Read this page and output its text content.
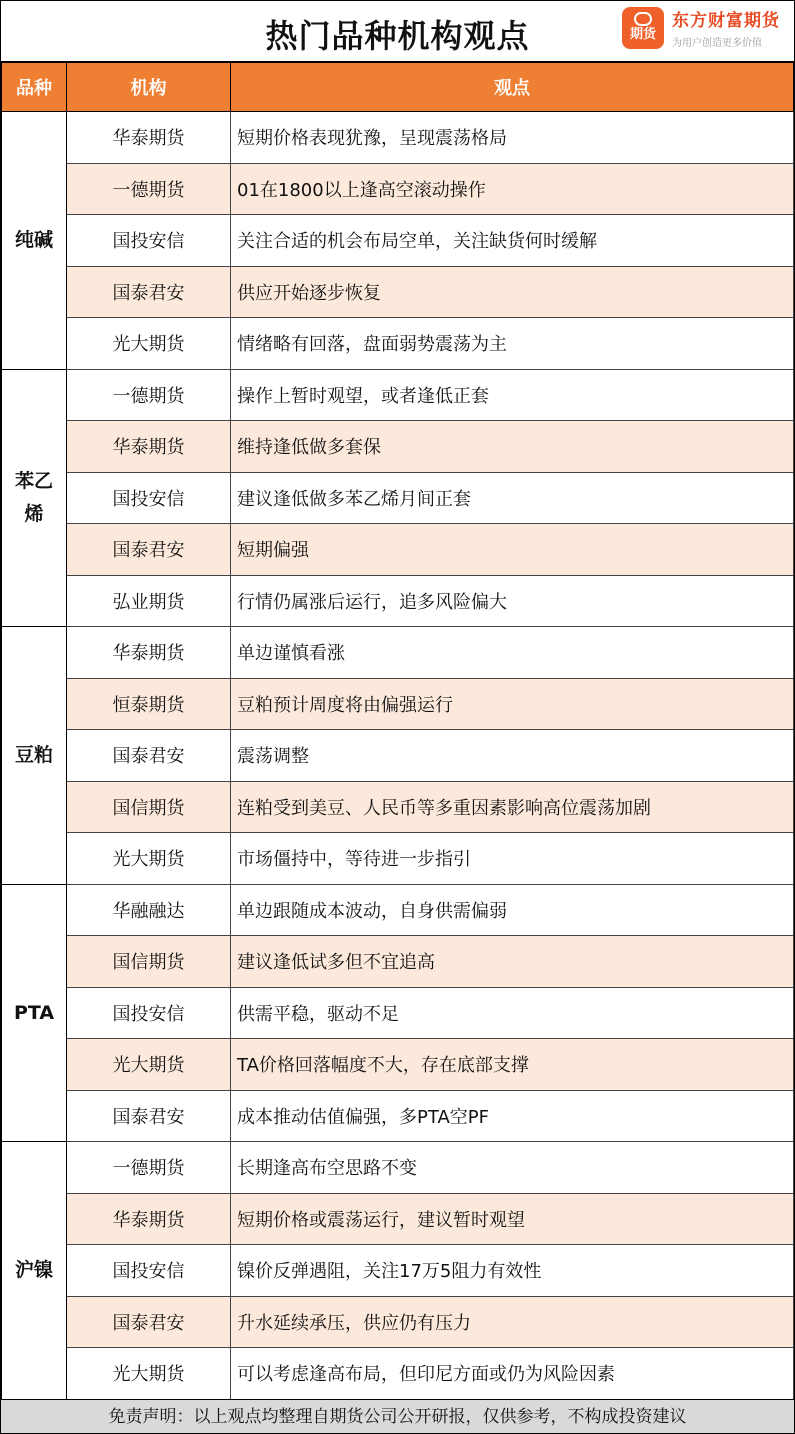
热门品种机构观点	期货
东方财富期货
为用户创造更多价值
品种	机构	观点
纯碱	华泰期货	短期价格表现犹豫，呈现震荡格局
	一德期货	01在1800以上逢高空滚动操作
	国投安信	关注合适的机会布局空单，关注缺货何时缓解
	国泰君安	供应开始逐步恢复
	光大期货	情绪略有回落，盘面弱势震荡为主
苯乙烯	一德期货	操作上暂时观望，或者逢低正套
	华泰期货	维持逢低做多套保
	国投安信	建议逢低做多苯乙烯月间正套
	国泰君安	短期偏强
	弘业期货	行情仍属涨后运行，追多风险偏大
豆粕	华泰期货	单边谨慎看涨
	恒泰期货	豆粕预计周度将由偏强运行
	国泰君安	震荡调整
	国信期货	连粕受到美豆、人民币等多重因素影响高位震荡加剧
	光大期货	市场僵持中，等待进一步指引
PTA	华融融达	单边跟随成本波动，自身供需偏弱
	国信期货	建议逢低试多但不宜追高
	国投安信	供需平稳，驱动不足
	光大期货	TA价格回落幅度不大，存在底部支撑
	国泰君安	成本推动估值偏强，多PTA空PF
沪镍	一德期货	长期逢高布空思路不变
	华泰期货	短期价格或震荡运行，建议暂时观望
	国投安信	镍价反弹遇阻，关注17万5阻力有效性
	国泰君安	升水延续承压，供应仍有压力
	光大期货	可以考虑逢高布局，但印尼方面或仍为风险因素
免责声明：以上观点均整理自期货公司公开研报，仅供参考，不构成投资建议
